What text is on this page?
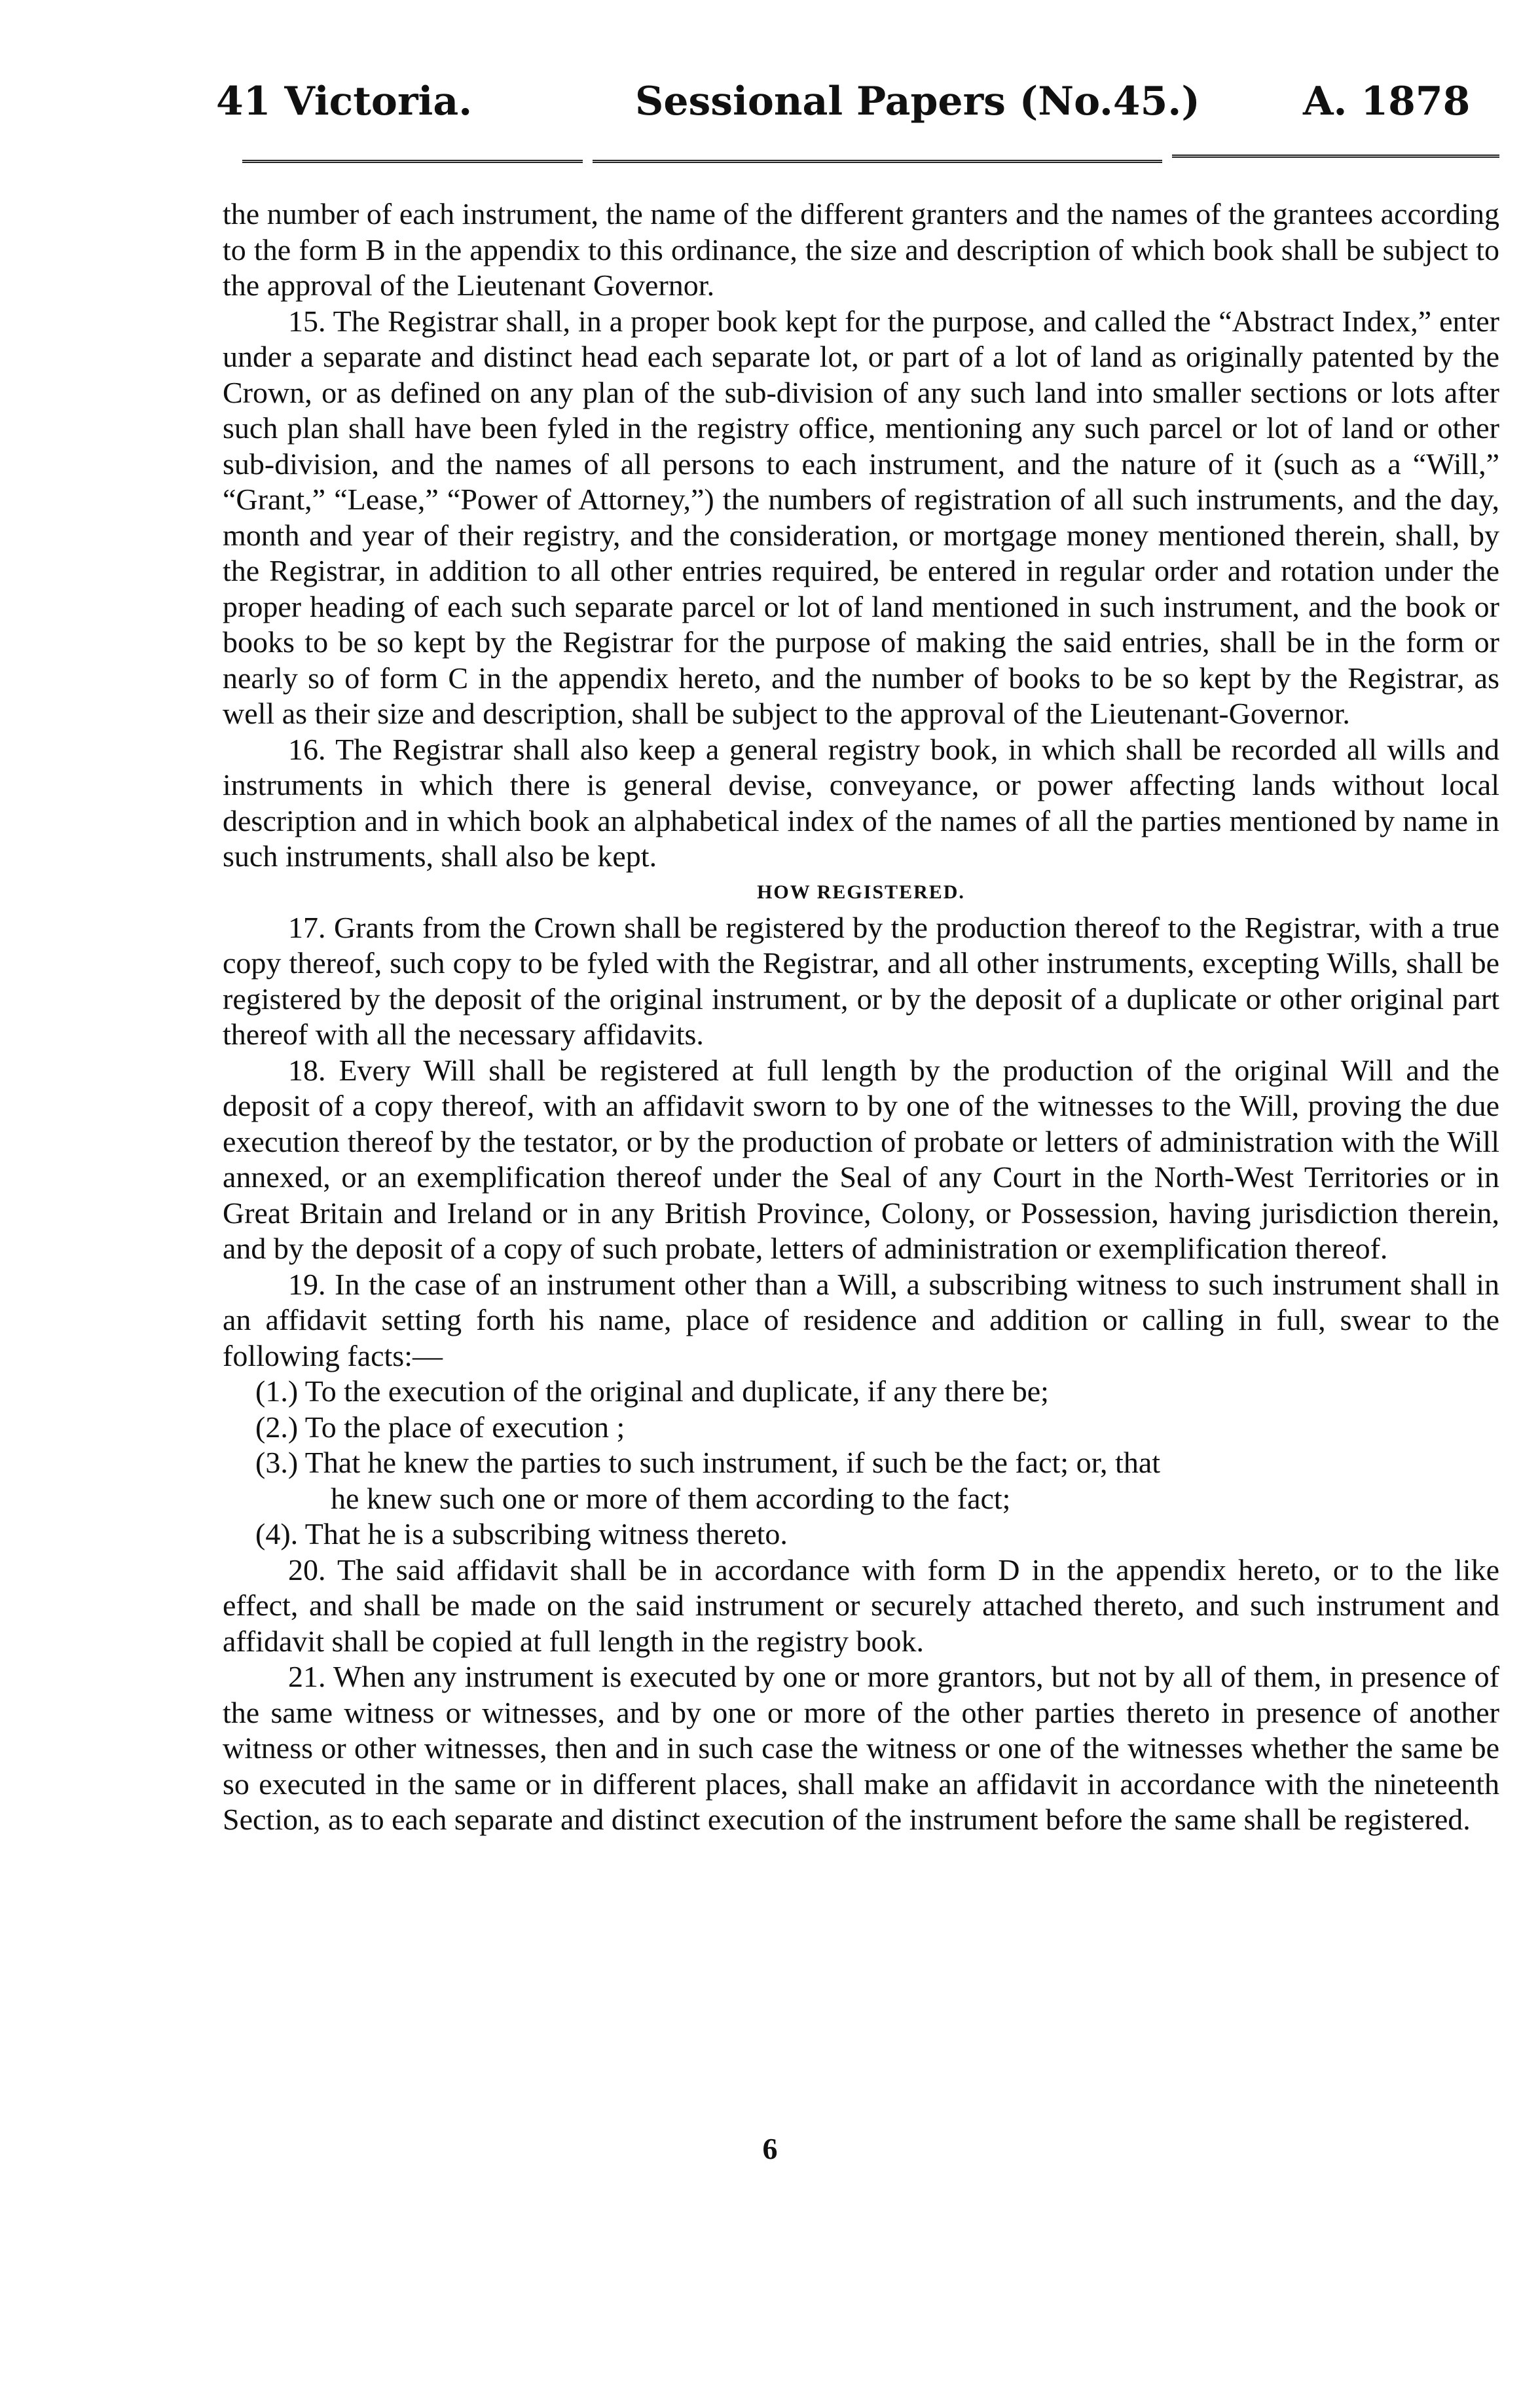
41 Victoria.	Sessional Papers (No.45.)	A. 1878

the number of each instrument, the name of the different granters and the names of the grantees according to the form B in the appendix to this ordinance, the size and description of which book shall be subject to the approval of the Lieutenant Governor.

15. The Registrar shall, in a proper book kept for the purpose, and called the “Abstract Index,” enter under a separate and distinct head each separate lot, or part of a lot of land as originally patented by the Crown, or as defined on any plan of the sub-division of any such land into smaller sections or lots after such plan shall have been fyled in the registry office, mentioning any such parcel or lot of land or other sub-division, and the names of all persons to each instrument, and the nature of it (such as a “Will,” “Grant,” “Lease,” “Power of Attorney,”) the numbers of registration of all such instruments, and the day, month and year of their registry, and the consideration, or mortgage money mentioned therein, shall, by the Registrar, in addition to all other entries required, be entered in regular order and rotation under the proper heading of each such separate parcel or lot of land mentioned in such instrument, and the book or books to be so kept by the Registrar for the purpose of making the said entries, shall be in the form or nearly so of form C in the appendix hereto, and the number of books to be so kept by the Registrar, as well as their size and description, shall be subject to the approval of the Lieutenant-Governor.

16. The Registrar shall also keep a general registry book, in which shall be recorded all wills and instruments in which there is general devise, conveyance, or power affecting lands without local description and in which book an alphabetical index of the names of all the parties mentioned by name in such instruments, shall also be kept.

HOW REGISTERED.

17. Grants from the Crown shall be registered by the production thereof to the Registrar, with a true copy thereof, such copy to be fyled with the Registrar, and all other instruments, excepting Wills, shall be registered by the deposit of the original instrument, or by the deposit of a duplicate or other original part thereof with all the necessary affidavits.

18. Every Will shall be registered at full length by the production of the original Will and the deposit of a copy thereof, with an affidavit sworn to by one of the witnesses to the Will, proving the due execution thereof by the testator, or by the production of probate or letters of administration with the Will annexed, or an exemplification thereof under the Seal of any Court in the North-West Territories or in Great Britain and Ireland or in any British Province, Colony, or Possession, having jurisdiction therein, and by the deposit of a copy of such probate, letters of administration or exemplification thereof.

19. In the case of an instrument other than a Will, a subscribing witness to such instrument shall in an affidavit setting forth his name, place of residence and addition or calling in full, swear to the following facts:—

(1.) To the execution of the original and duplicate, if any there be;

(2.) To the place of execution ;

(3.) That he knew the parties to such instrument, if such be the fact; or, that

he knew such one or more of them according to the fact;

(4). That he is a subscribing witness thereto.

20. The said affidavit shall be in accordance with form D in the appendix hereto, or to the like effect, and shall be made on the said instrument or securely attached thereto, and such instrument and affidavit shall be copied at full length in the registry book.

21. When any instrument is executed by one or more grantors, but not by all of them, in presence of the same witness or witnesses, and by one or more of the other parties thereto in presence of another witness or other witnesses, then and in such case the witness or one of the witnesses whether the same be so executed in the same or in different places, shall make an affidavit in accordance with the nineteenth Section, as to each separate and distinct execution of the instrument before the same shall be registered.

6
